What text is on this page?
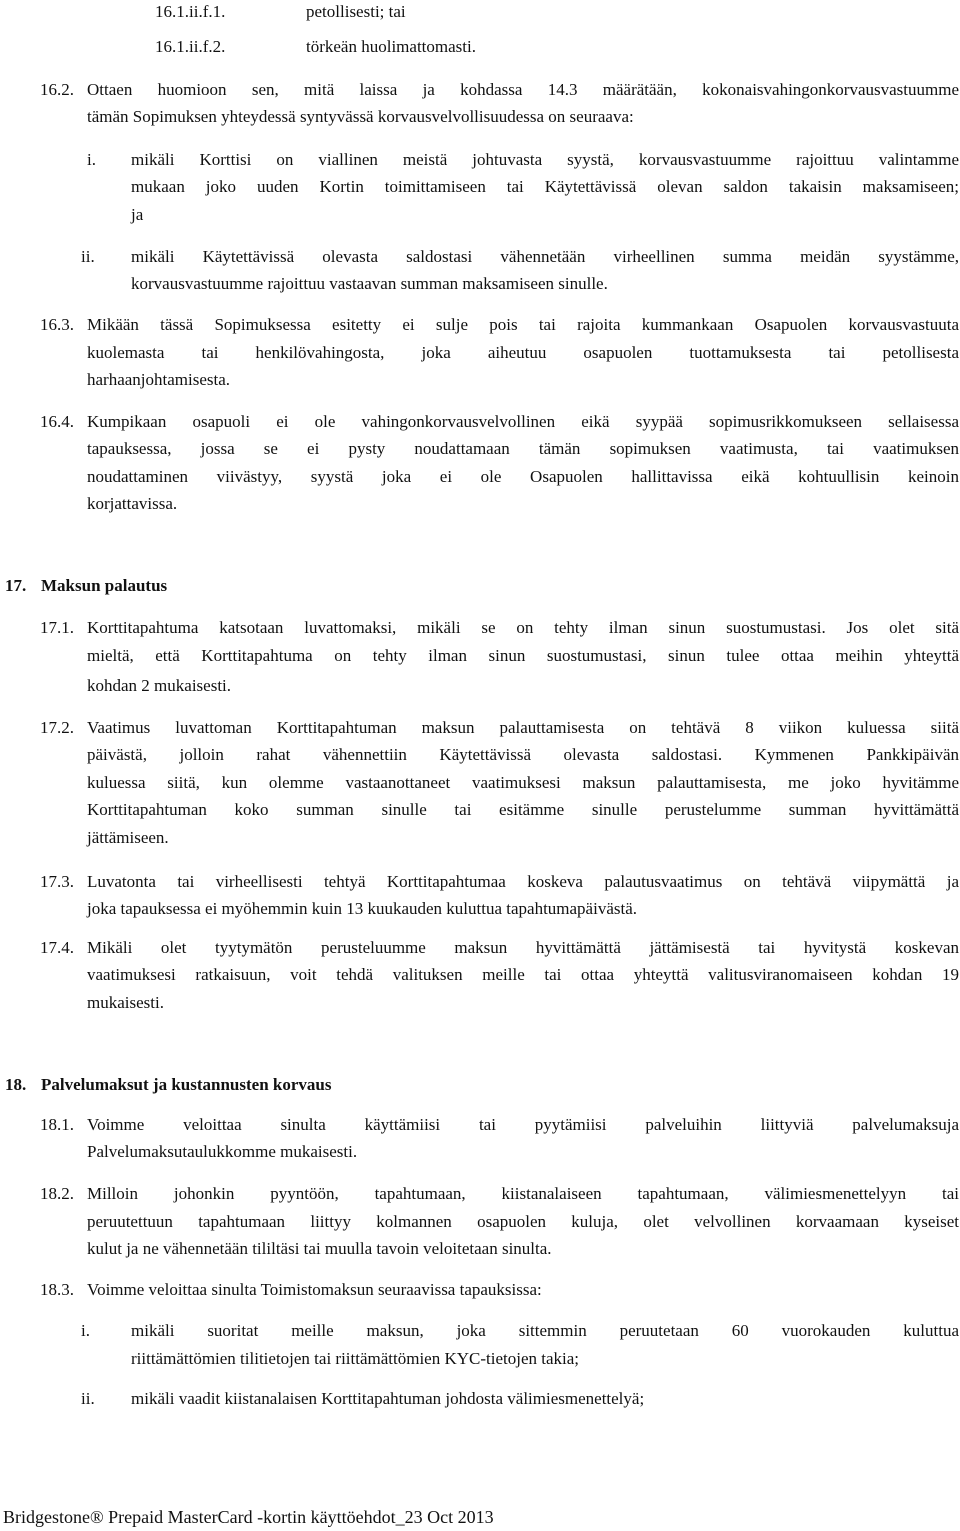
16.1.ii.f.1.	petollisesti; tai
16.1.ii.f.2.	törkeän huolimattomasti.
16.2. Ottaen huomioon sen, mitä laissa ja kohdassa 14.3 määrätään, kokonaisvahingonkorvausvastuumme
tämän Sopimuksen yhteydessä syntyvässä korvausvelvollisuudessa on seuraava:
i. mikäli Korttisi on viallinen meistä johtuvasta syystä, korvausvastuumme rajoittuu valintamme
mukaan joko uuden Kortin toimittamiseen tai Käytettävissä olevan saldon takaisin maksamiseen;
ja
ii. mikäli Käytettävissä olevasta saldostasi vähennetään virheellinen summa meidän syystämme,
korvausvastuumme rajoittuu vastaavan summan maksamiseen sinulle.
16.3. Mikään tässä Sopimuksessa esitetty ei sulje pois tai rajoita kummankaan Osapuolen korvausvastuuta
kuolemasta tai henkilövahingosta, joka aiheutuu osapuolen tuottamuksesta tai petollisesta
harhaanjohtamisesta.
16.4. Kumpikaan osapuoli ei ole vahingonkorvausvelvollinen eikä syypää sopimusrikkomukseen sellaisessa
tapauksessa, jossa se ei pysty noudattamaan tämän sopimuksen vaatimusta, tai vaatimuksen
noudattaminen viivästyy, syystä joka ei ole Osapuolen hallittavissa eikä kohtuullisin keinoin
korjattavissa.
17. Maksun palautus
17.1. Korttitapahtuma katsotaan luvattomaksi, mikäli se on tehty ilman sinun suostumustasi. Jos olet sitä
mieltä, että Korttitapahtuma on tehty ilman sinun suostumustasi, sinun tulee ottaa meihin yhteyttä
kohdan 2 mukaisesti.
17.2. Vaatimus luvattoman Korttitapahtuman maksun palauttamisesta on tehtävä 8 viikon kuluessa siitä
päivästä, jolloin rahat vähennettiin Käytettävissä olevasta saldostasi. Kymmenen Pankkipäivän
kuluessa siitä, kun olemme vastaanottaneet vaatimuksesi maksun palauttamisesta, me joko hyvitämme
Korttitapahtuman koko summan sinulle tai esitämme sinulle perustelumme summan hyvittämättä
jättämiseen.
17.3. Luvatonta tai virheellisesti tehtyä Korttitapahtumaa koskeva palautusvaatimus on tehtävä viipymättä ja
joka tapauksessa ei myöhemmin kuin 13 kuukauden kuluttua tapahtumapäivästä.
17.4. Mikäli olet tyytymätön perusteluumme maksun hyvittämättä jättämisestä tai hyvitystä koskevan
vaatimuksesi ratkaisuun, voit tehdä valituksen meille tai ottaa yhteyttä valitusviranomaiseen kohdan 19
mukaisesti.
18. Palvelumaksut ja kustannusten korvaus
18.1. Voimme veloittaa sinulta käyttämiisi tai pyytämiisi palveluihin liittyviä palvelumaksuja
Palvelumaksutaulukkomme mukaisesti.
18.2. Milloin johonkin pyyntöön, tapahtumaan, kiistanalaiseen tapahtumaan, välimiesmenettelyyn tai
peruutettuun tapahtumaan liittyy kolmannen osapuolen kuluja, olet velvollinen korvaamaan kyseiset
kulut ja ne vähennetään tililtäsi tai muulla tavoin veloitetaan sinulta.
18.3. Voimme veloittaa sinulta Toimistomaksun seuraavissa tapauksissa:
i. mikäli suoritat meille maksun, joka sittemmin peruutetaan 60 vuorokauden kuluttua
riittämättömien tilitietojen tai riittämättömien KYC-tietojen takia;
ii. mikäli vaadit kiistanalaisen Korttitapahtuman johdosta välimiesmenettelyä;
Bridgestone® Prepaid MasterCard -kortin käyttöehdot_23 Oct 2013
